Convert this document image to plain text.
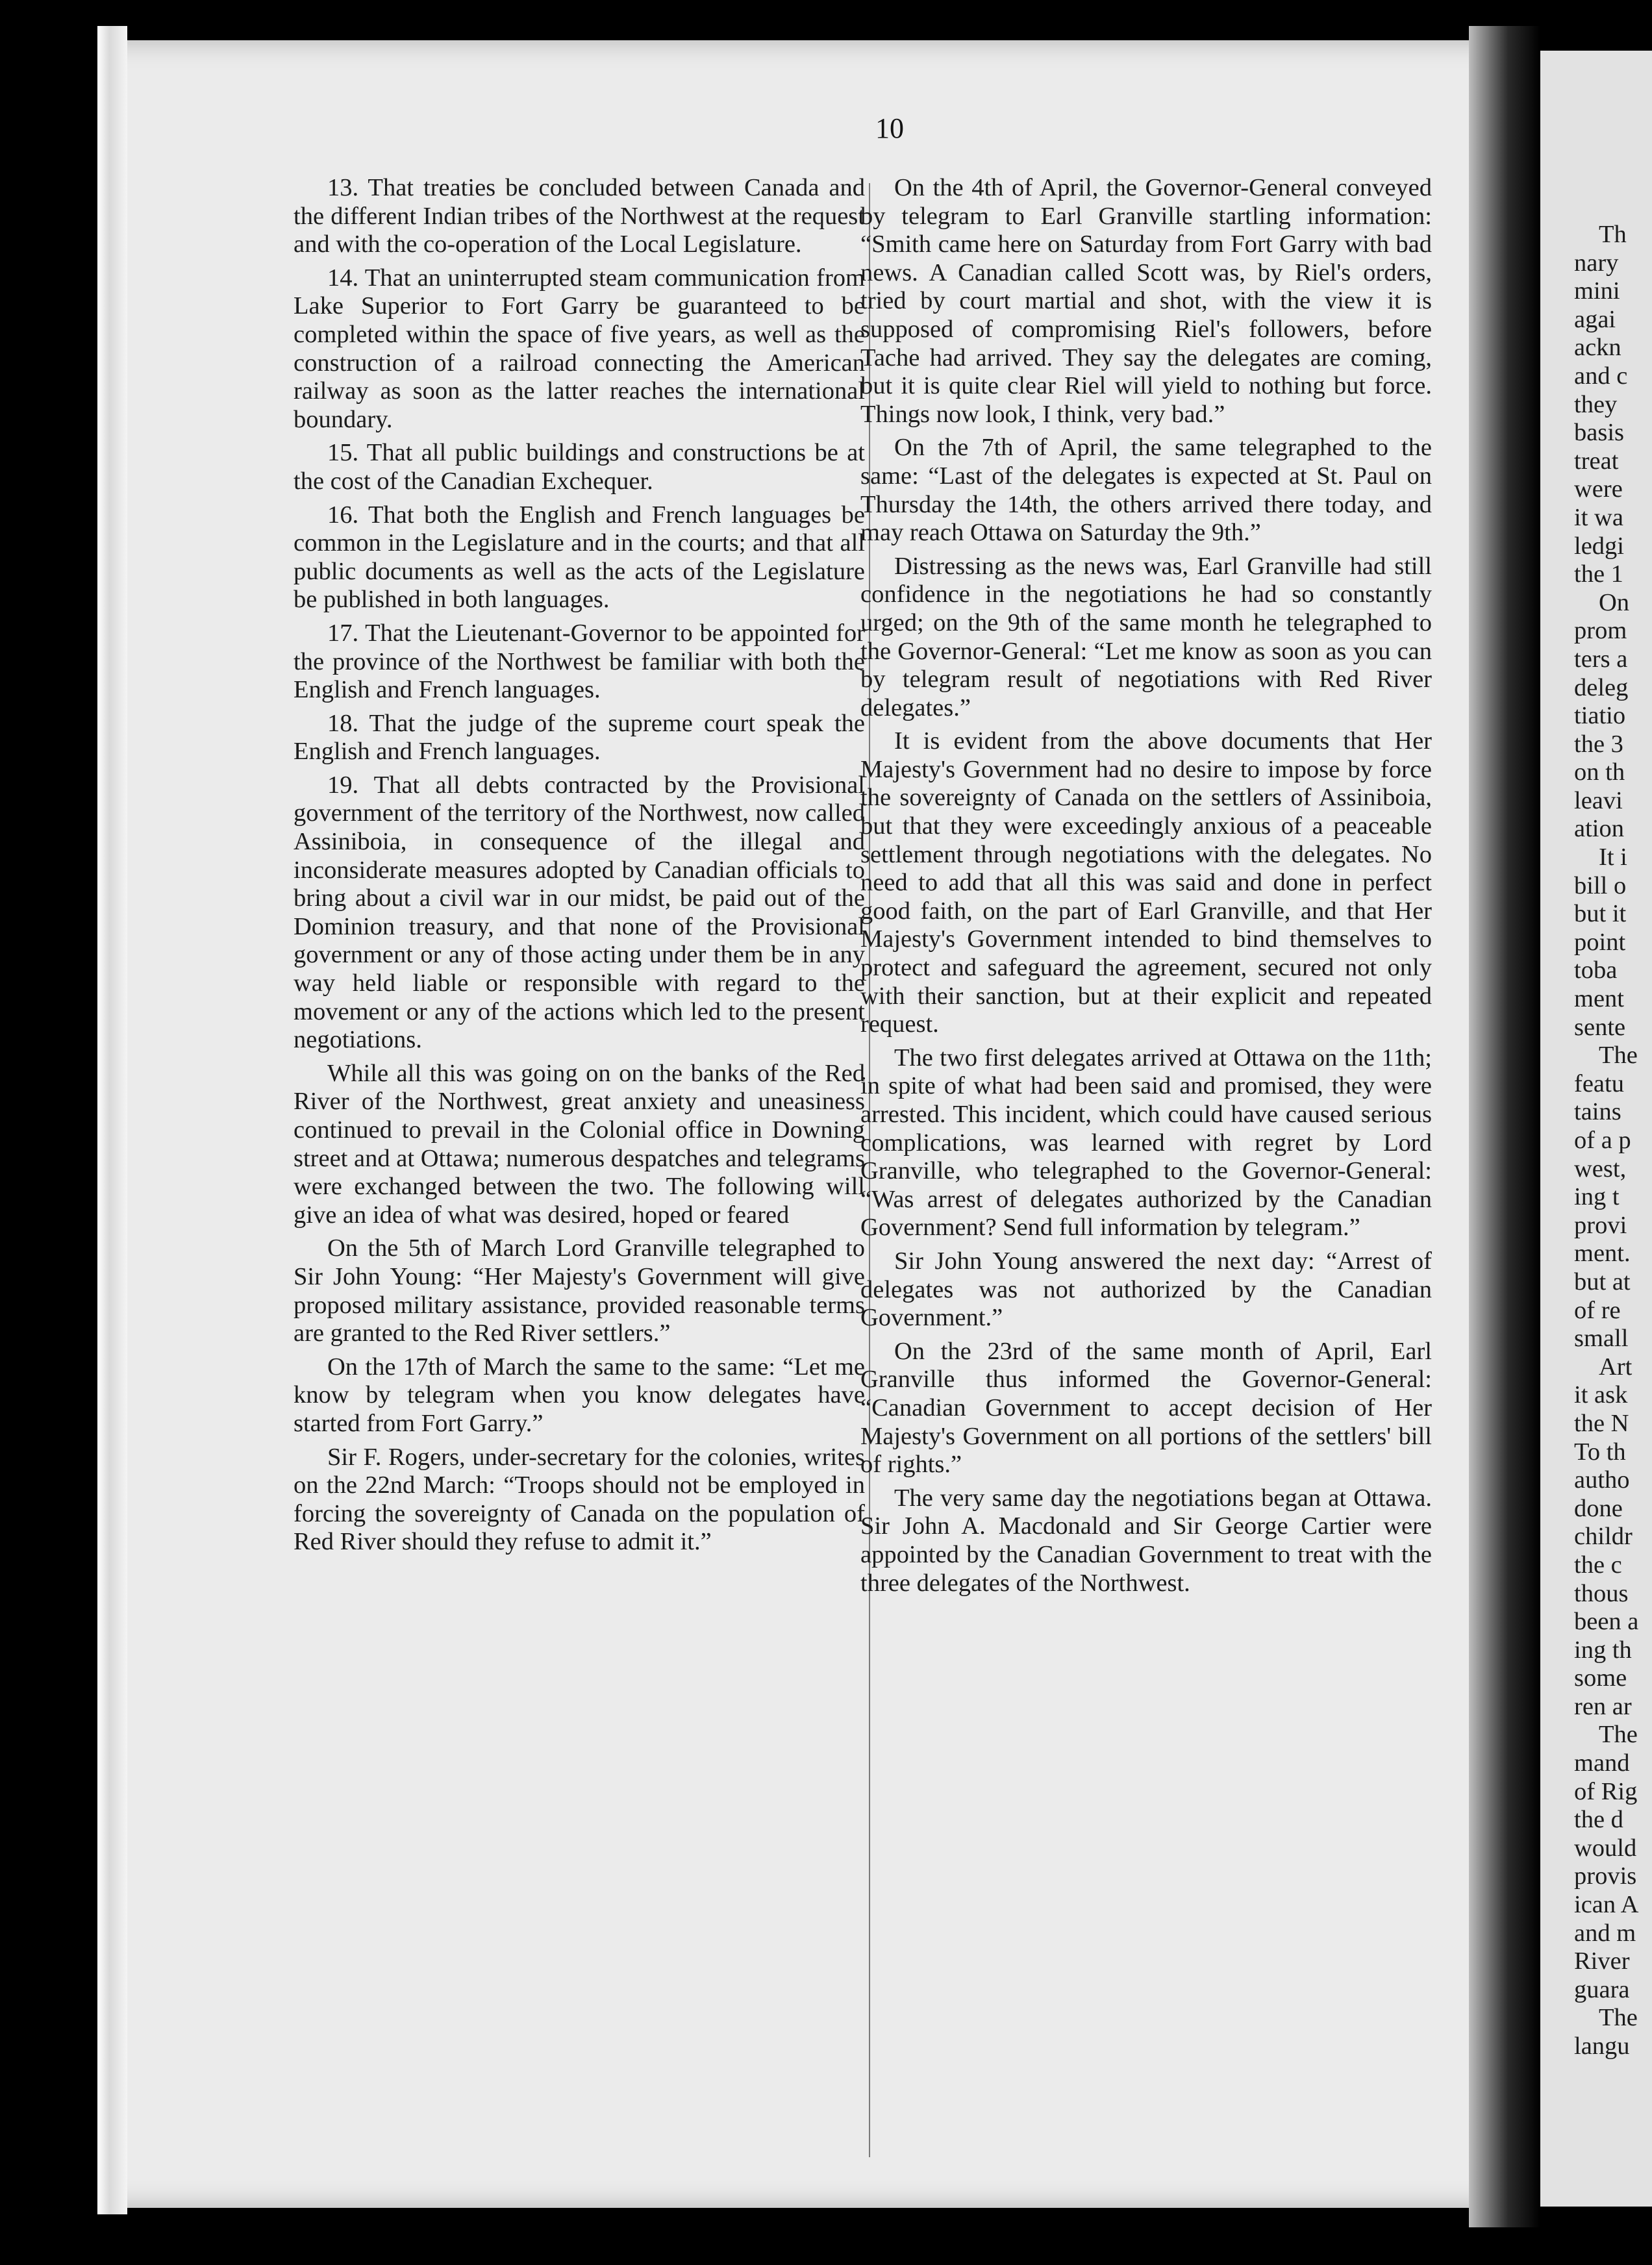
10

13. That treaties be concluded between Canada and the different Indian tribes of the Northwest at the request and with the co-operation of the Local Legislature.

14. That an uninterrupted steam communication from Lake Superior to Fort Garry be guaranteed to be completed within the space of five years, as well as the construction of a railroad connecting the American railway as soon as the latter reaches the international boundary.

15. That all public buildings and constructions be at the cost of the Canadian Exchequer.

16. That both the English and French languages be common in the Legislature and in the courts; and that all public documents as well as the acts of the Legislature be published in both languages.

17. That the Lieutenant-Governor to be appointed for the province of the Northwest be familiar with both the English and French languages.

18. That the judge of the supreme court speak the English and French languages.

19. That all debts contracted by the Provisional government of the territory of the Northwest, now called Assiniboia, in consequence of the illegal and inconsiderate measures adopted by Canadian officials to bring about a civil war in our midst, be paid out of the Dominion treasury, and that none of the Provisional government or any of those acting under them be in any way held liable or responsible with regard to the movement or any of the actions which led to the present negotiations.

While all this was going on on the banks of the Red River of the Northwest, great anxiety and uneasiness continued to prevail in the Colonial office in Downing street and at Ottawa; numerous despatches and telegrams were exchanged between the two. The following will give an idea of what was desired, hoped or feared

On the 5th of March Lord Granville telegraphed to Sir John Young: “Her Majesty's Government will give proposed military assistance, provided reasonable terms are granted to the Red River settlers.”

On the 17th of March the same to the same: “Let me know by telegram when you know delegates have started from Fort Garry.”

Sir F. Rogers, under-secretary for the colonies, writes on the 22nd March: “Troops should not be employed in forcing the sovereignty of Canada on the population of Red River should they refuse to admit it.”

On the 4th of April, the Governor-General conveyed by telegram to Earl Granville startling information: “Smith came here on Saturday from Fort Garry with bad news. A Canadian called Scott was, by Riel's orders, tried by court martial and shot, with the view it is supposed of compromising Riel's followers, before Tache had arrived. They say the delegates are coming, but it is quite clear Riel will yield to nothing but force. Things now look, I think, very bad.”

On the 7th of April, the same telegraphed to the same: “Last of the delegates is expected at St. Paul on Thursday the 14th, the others arrived there today, and may reach Ottawa on Saturday the 9th.”

Distressing as the news was, Earl Granville had still confidence in the negotiations he had so constantly urged; on the 9th of the same month he telegraphed to the Governor-General: “Let me know as soon as you can by telegram result of negotiations with Red River delegates.”

It is evident from the above documents that Her Majesty's Government had no desire to impose by force the sovereignty of Canada on the settlers of Assiniboia, but that they were exceedingly anxious of a peaceable settlement through negotiations with the delegates. No need to add that all this was said and done in perfect good faith, on the part of Earl Granville, and that Her Majesty's Government intended to bind themselves to protect and safeguard the agreement, secured not only with their sanction, but at their explicit and repeated request.

The two first delegates arrived at Ottawa on the 11th; in spite of what had been said and promised, they were arrested. This incident, which could have caused serious complications, was learned with regret by Lord Granville, who telegraphed to the Governor-General: “Was arrest of delegates authorized by the Canadian Government? Send full information by telegram.”

Sir John Young answered the next day: “Arrest of delegates was not authorized by the Canadian Government.”

On the 23rd of the same month of April, Earl Granville thus informed the Governor-General: “Canadian Government to accept decision of Her Majesty's Government on all portions of the settlers' bill of rights.”

The very same day the negotiations began at Ottawa. Sir John A. Macdonald and Sir George Cartier were appointed by the Canadian Government to treat with the three delegates of the Northwest.

Th
nary
mini
agai
ackn
and c
they
basis
treat
were
it wa
ledgi
the 1
On
prom
ters a
deleg
tiatio
the 3
on th
leavi
ation
It i
bill o
but it
point
toba
ment
sente
The
featu
tains
of a p
west,
ing t
provi
ment.
but at
of re
small
Art
it ask
the N
To th
autho
done
childr
the c
thous
been a
ing th
some
ren ar
The
mand
of Rig
the d
would
provis
ican A
and m
River
guara
The
langu
